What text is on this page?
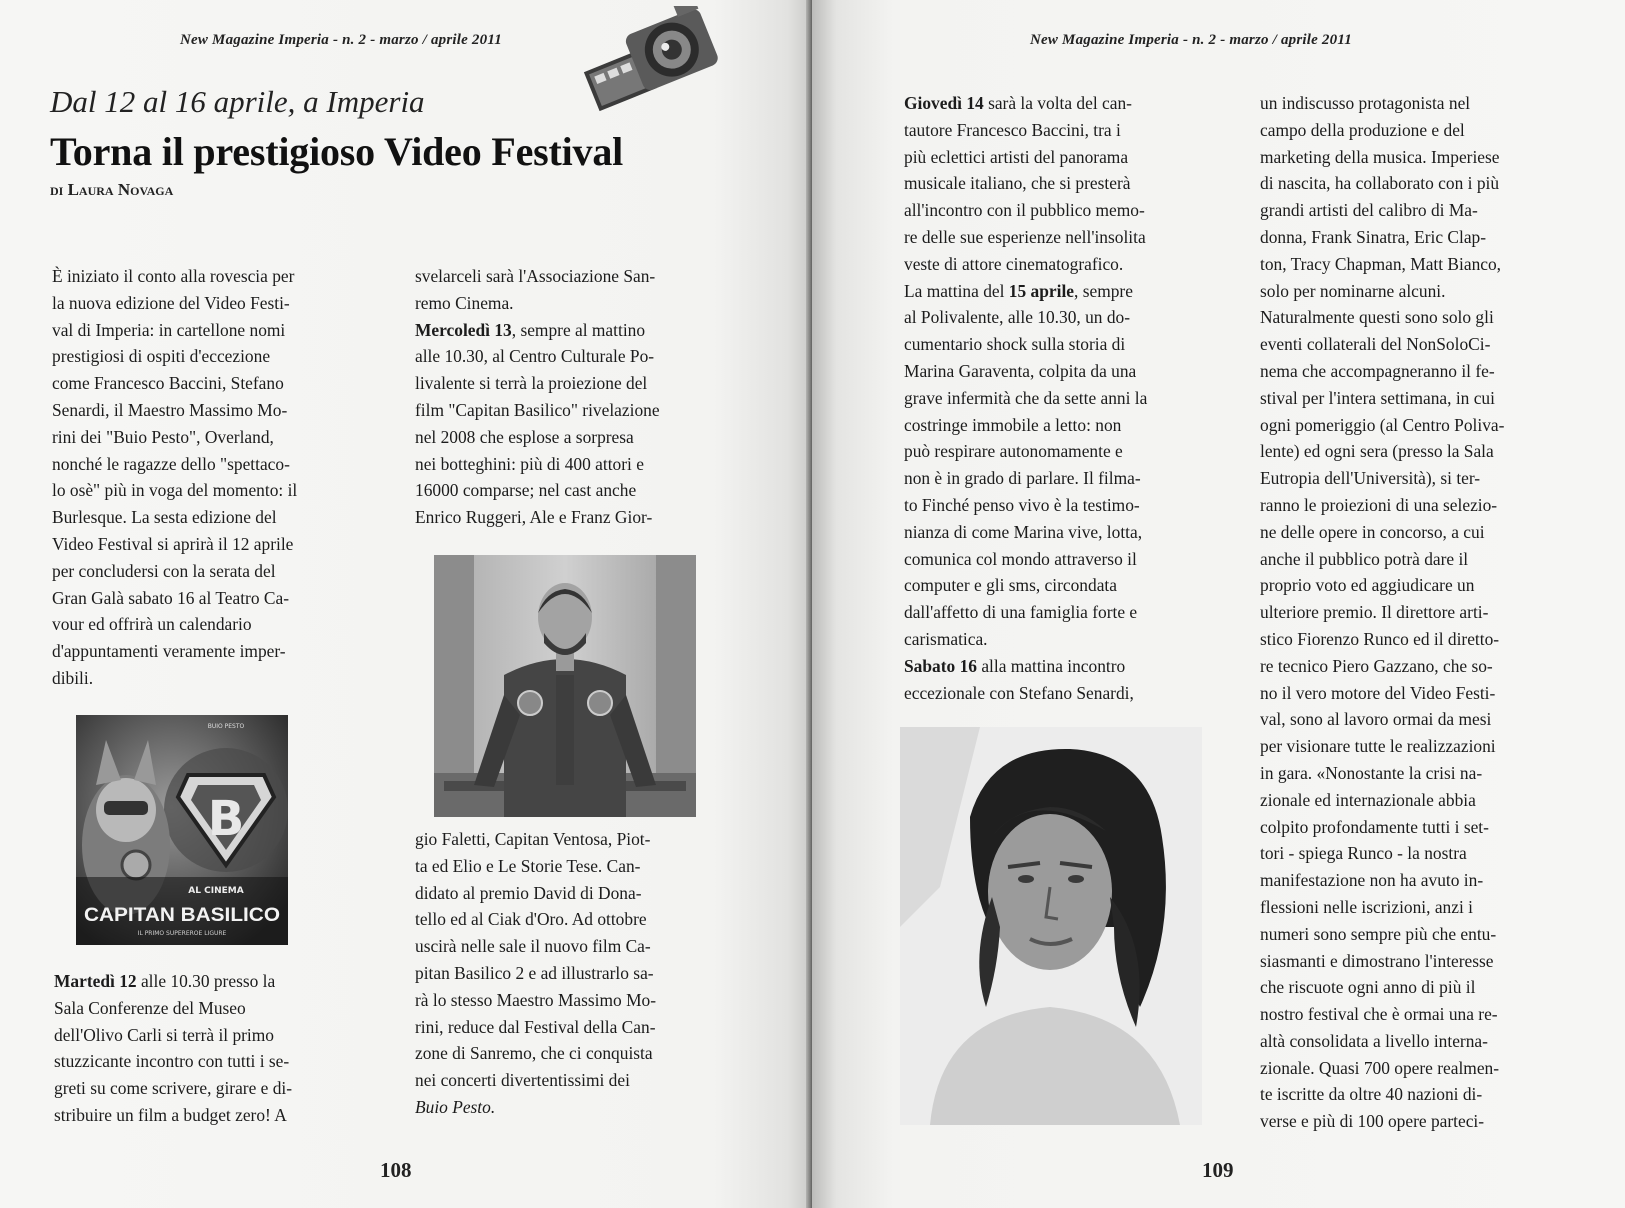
New Magazine Imperia - n. 2 - marzo / aprile 2011
Dal 12 al 16 aprile, a Imperia
Torna il prestigioso Video Festival
di Laura Novaga

È iniziato il conto alla rovescia per

la nuova edizione del Video Festi-

val di Imperia: in cartellone nomi

prestigiosi di ospiti d'eccezione

come Francesco Baccini, Stefano

Senardi, il Maestro Massimo Mo-

rini dei "Buio Pesto", Overland,

nonché le ragazze dello "spettaco-

lo osè" più in voga del momento: il

Burlesque. La sesta edizione del

Video Festival si aprirà il 12 aprile

per concludersi con la serata del

Gran Galà sabato 16 al Teatro Ca-

vour ed offrirà un calendario

d'appuntamenti veramente imper-

dibili.

B
BUIO PESTO
AL CINEMA
CAPITAN BASILICO
IL PRIMO SUPEREROE LIGURE

Martedì 12 alle 10.30 presso la

Sala Conferenze del Museo

dell'Olivo Carli si terrà il primo

stuzzicante incontro con tutti i se-

greti su come scrivere, girare e di-

stribuire un film a budget zero! A

svelarceli sarà l'Associazione San-

remo Cinema.

Mercoledì 13, sempre al mattino

alle 10.30, al Centro Culturale Po-

livalente si terrà la proiezione del

film "Capitan Basilico" rivelazione

nel 2008 che esplose a sorpresa

nei botteghini: più di 400 attori e

16000 comparse; nel cast anche

Enrico Ruggeri, Ale e Franz Gior-

gio Faletti, Capitan Ventosa, Piot-

ta ed Elio e Le Storie Tese. Can-

didato al premio David di Dona-

tello ed al Ciak d'Oro. Ad ottobre

uscirà nelle sale il nuovo film Ca-

pitan Basilico 2 e ad illustrarlo sa-

rà lo stesso Maestro Massimo Mo-

rini, reduce dal Festival della Can-

zone di Sanremo, che ci conquista

nei concerti divertentissimi dei

Buio Pesto.

108
New Magazine Imperia - n. 2 - marzo / aprile 2011

Giovedì 14 sarà la volta del can-

tautore Francesco Baccini, tra i

più eclettici artisti del panorama

musicale italiano, che si presterà

all'incontro con il pubblico memo-

re delle sue esperienze nell'insolita

veste di attore cinematografico.

La mattina del 15 aprile, sempre

al Polivalente, alle 10.30, un do-

cumentario shock sulla storia di

Marina Garaventa, colpita da una

grave infermità che da sette anni la

costringe immobile a letto: non

può respirare autonomamente e

non è in grado di parlare. Il filma-

to Finché penso vivo è la testimo-

nianza di come Marina vive, lotta,

comunica col mondo attraverso il

computer e gli sms, circondata

dall'affetto di una famiglia forte e

carismatica.

Sabato 16 alla mattina incontro

eccezionale con Stefano Senardi,

un indiscusso protagonista nel

campo della produzione e del

marketing della musica. Imperiese

di nascita, ha collaborato con i più

grandi artisti del calibro di Ma-

donna, Frank Sinatra, Eric Clap-

ton, Tracy Chapman, Matt Bianco,

solo per nominarne alcuni.

Naturalmente questi sono solo gli

eventi collaterali del NonSoloCi-

nema che accompagneranno il fe-

stival per l'intera settimana, in cui

ogni pomeriggio (al Centro Poliva-

lente) ed ogni sera (presso la Sala

Eutropia dell'Università), si ter-

ranno le proiezioni di una selezio-

ne delle opere in concorso, a cui

anche il pubblico potrà dare il

proprio voto ed aggiudicare un

ulteriore premio. Il direttore arti-

stico Fiorenzo Runco ed il diretto-

re tecnico Piero Gazzano, che so-

no il vero motore del Video Festi-

val, sono al lavoro ormai da mesi

per visionare tutte le realizzazioni

in gara. «Nonostante la crisi na-

zionale ed internazionale abbia

colpito profondamente tutti i set-

tori - spiega Runco - la nostra

manifestazione non ha avuto in-

flessioni nelle iscrizioni, anzi i

numeri sono sempre più che entu-

siasmanti e dimostrano l'interesse

che riscuote ogni anno di più il

nostro festival che è ormai una re-

altà consolidata a livello interna-

zionale. Quasi 700 opere realmen-

te iscritte da oltre 40 nazioni di-

verse e più di 100 opere parteci-

109
